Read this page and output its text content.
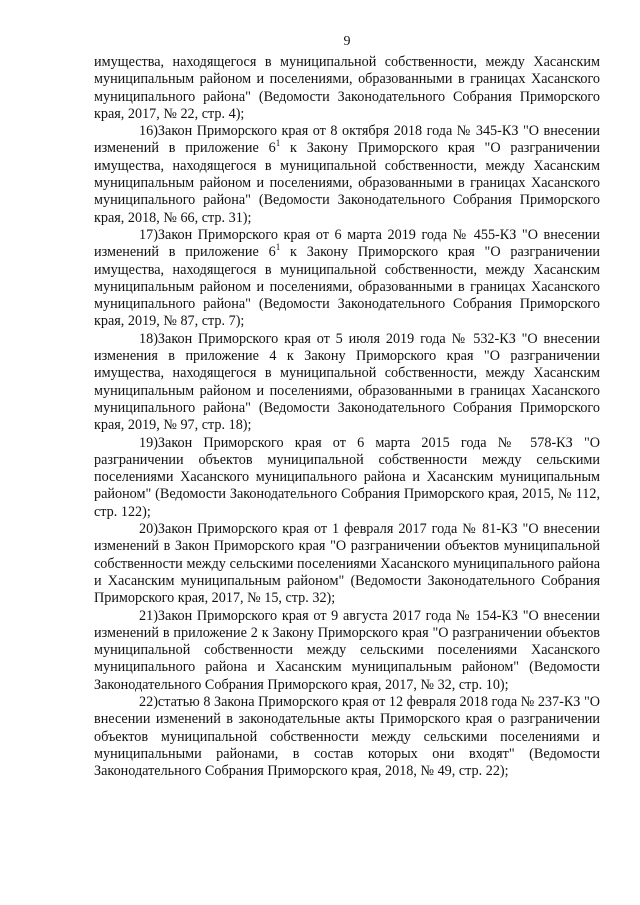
9

имущества, находящегося в муниципальной собственности, между Хасанским муниципальным районом и поселениями, образованными в границах Хасанского муниципального района" (Ведомости Законодательного Собрания Приморского края, 2017, № 22, стр. 4);

16)Закон Приморского края от 8 октября 2018 года № 345-КЗ "О внесении изменений в приложение $6^1$ к Закону Приморского края "О разграничении имущества, находящегося в муниципальной собственности, между Хасанским муниципальным районом и поселениями, образованными в границах Хасанского муниципального района" (Ведомости Законодательного Собрания Приморского края, 2018, № 66, стр. 31);

17)Закон Приморского края от 6 марта 2019 года № 455-КЗ "О внесении изменений в приложение $6^1$ к Закону Приморского края "О разграничении имущества, находящегося в муниципальной собственности, между Хасанским муниципальным районом и поселениями, образованными в границах Хасанского муниципального района" (Ведомости Законодательного Собрания Приморского края, 2019, № 87, стр. 7);

18)Закон Приморского края от 5 июля 2019 года № 532-КЗ "О внесении изменения в приложение 4 к Закону Приморского края "О разграничении имущества, находящегося в муниципальной собственности, между Хасанским муниципальным районом и поселениями, образованными в границах Хасанского муниципального района" (Ведомости Законодательного Собрания Приморского края, 2019, № 97, стр. 18);

19)Закон Приморского края от 6 марта 2015 года № 578-КЗ "О разграничении объектов муниципальной собственности между сельскими поселениями Хасанского муниципального района и Хасанским муниципальным районом" (Ведомости Законодательного Собрания Приморского края, 2015, № 112, стр. 122);

20)Закон Приморского края от 1 февраля 2017 года № 81-КЗ "О внесении изменений в Закон Приморского края "О разграничении объектов муниципальной собственности между сельскими поселениями Хасанского муниципального района и Хасанским муниципальным районом" (Ведомости Законодательного Собрания Приморского края, 2017, № 15, стр. 32);

21)Закон Приморского края от 9 августа 2017 года № 154-КЗ "О внесении изменений в приложение 2 к Закону Приморского края "О разграничении объектов муниципальной собственности между сельскими поселениями Хасанского муниципального района и Хасанским муниципальным районом" (Ведомости Законодательного Собрания Приморского края, 2017, № 32, стр. 10);

22)статью 8 Закона Приморского края от 12 февраля 2018 года № 237-КЗ "О внесении изменений в законодательные акты Приморского края о разграничении объектов муниципальной собственности между сельскими поселениями и муниципальными районами, в состав которых они входят" (Ведомости Законодательного Собрания Приморского края, 2018, № 49, стр. 22);
